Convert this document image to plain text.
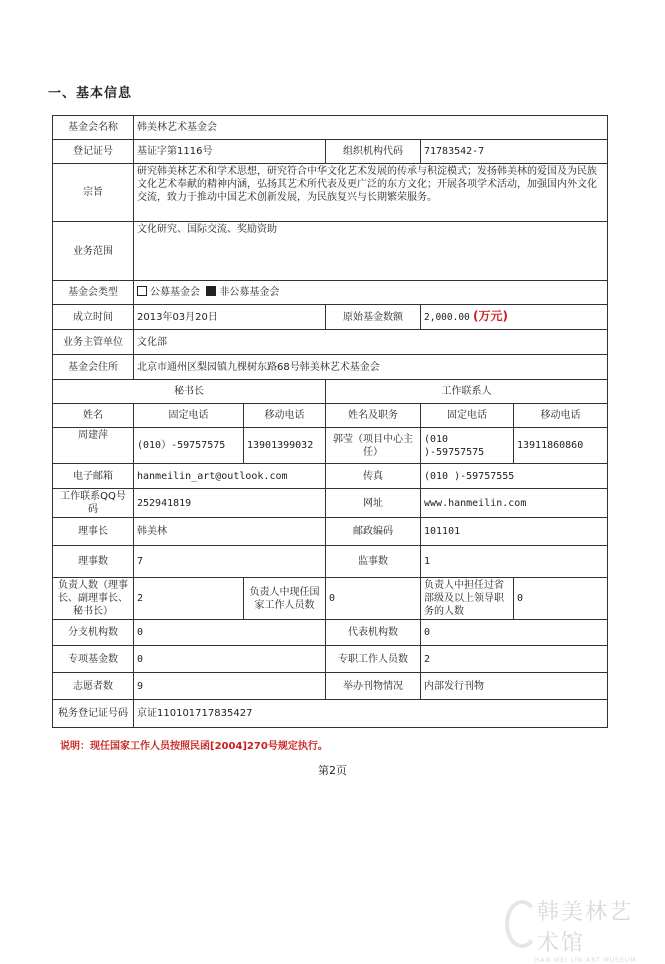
一、基本信息
基金会名称	韩美林艺术基金会				
登记证号	基证字第1116号		组织机构代码	71783542-7	
宗旨	研究韩美林艺术和学术思想，研究符合中华文化艺术发展的传承与积淀模式；发扬韩美林的爱国及为民族文化艺术奉献的精神内涵，弘扬其艺术所代表及更广泛的东方文化；开展各项学术活动，加强国内外文化交流，致力于推动中国艺术创新发展，为民族复兴与长期繁荣服务。				
业务范围	文化研究、国际交流、奖励资助				
基金会类型	公募基金会 非公募基金会				
成立时间	2013年03月20日		原始基金数额	2,000.00 (万元)	
业务主管单位	文化部				
基金会住所	北京市通州区梨园镇九棵树东路68号韩美林艺术基金会				
秘书长			工作联系人		
姓名	固定电话	移动电话	姓名及职务	固定电话	移动电话
周建萍	(010）-59757575	13901399032	郭莹（项目中心主任）	(010 )-59757575	13911860860
电子邮箱	hanmeilin_art@outlook.com		传真	(010 )-59757555	
工作联系QQ号码	252941819		网址	www.hanmeilin.com	
理事长	韩美林		邮政编码	101101	
理事数	7		监事数	1	
负责人数（理事长、副理事长、秘书长）	2	负责人中现任国家工作人员数	0	负责人中担任过省部级及以上领导职务的人数	0
分支机构数	0		代表机构数	0	
专项基金数	0		专职工作人员数	2	
志愿者数	9		举办刊物情况	内部发行刊物	
税务登记证号码	京证110101717835427				
说明：现任国家工作人员按照民函[2004]270号规定执行。
第2页
韩美林艺术馆
HAN MEI LIN ART MUSEUM
